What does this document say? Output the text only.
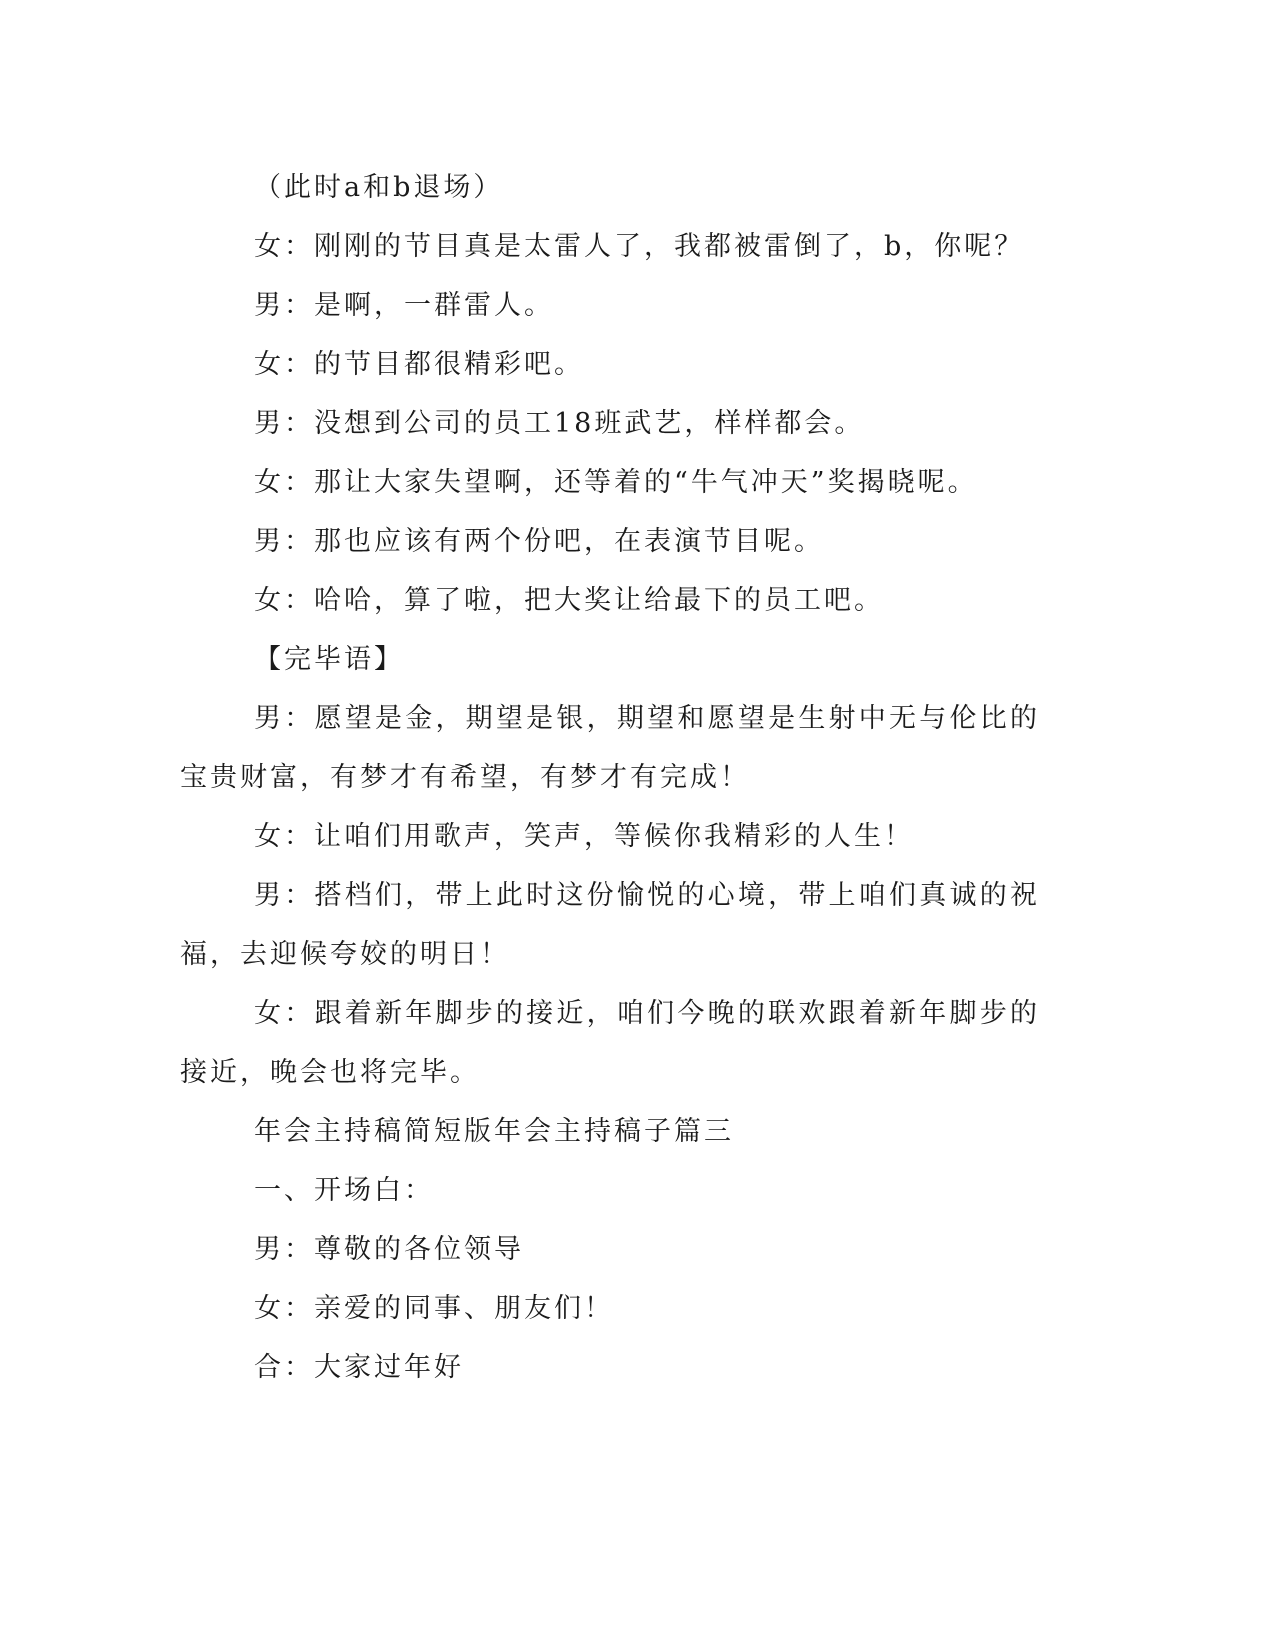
（此时a和b退场）

女：刚刚的节目真是太雷人了，我都被雷倒了，b，你呢？

男：是啊，一群雷人。

女：的节目都很精彩吧。

男：没想到公司的员工18班武艺，样样都会。

女：那让大家失望啊，还等着的“牛气冲天”奖揭晓呢。

男：那也应该有两个份吧，在表演节目呢。

女：哈哈，算了啦，把大奖让给最下的员工吧。

【完毕语】

男：愿望是金，期望是银，期望和愿望是生射中无与伦比的宝贵财富，有梦才有希望，有梦才有完成！

女：让咱们用歌声，笑声，等候你我精彩的人生！

男：搭档们，带上此时这份愉悦的心境，带上咱们真诚的祝福，去迎候夸姣的明日！

女：跟着新年脚步的接近，咱们今晚的联欢跟着新年脚步的接近，晚会也将完毕。

年会主持稿简短版年会主持稿子篇三

一、开场白：

男：尊敬的各位领导

女：亲爱的同事、朋友们！

合：大家过年好
